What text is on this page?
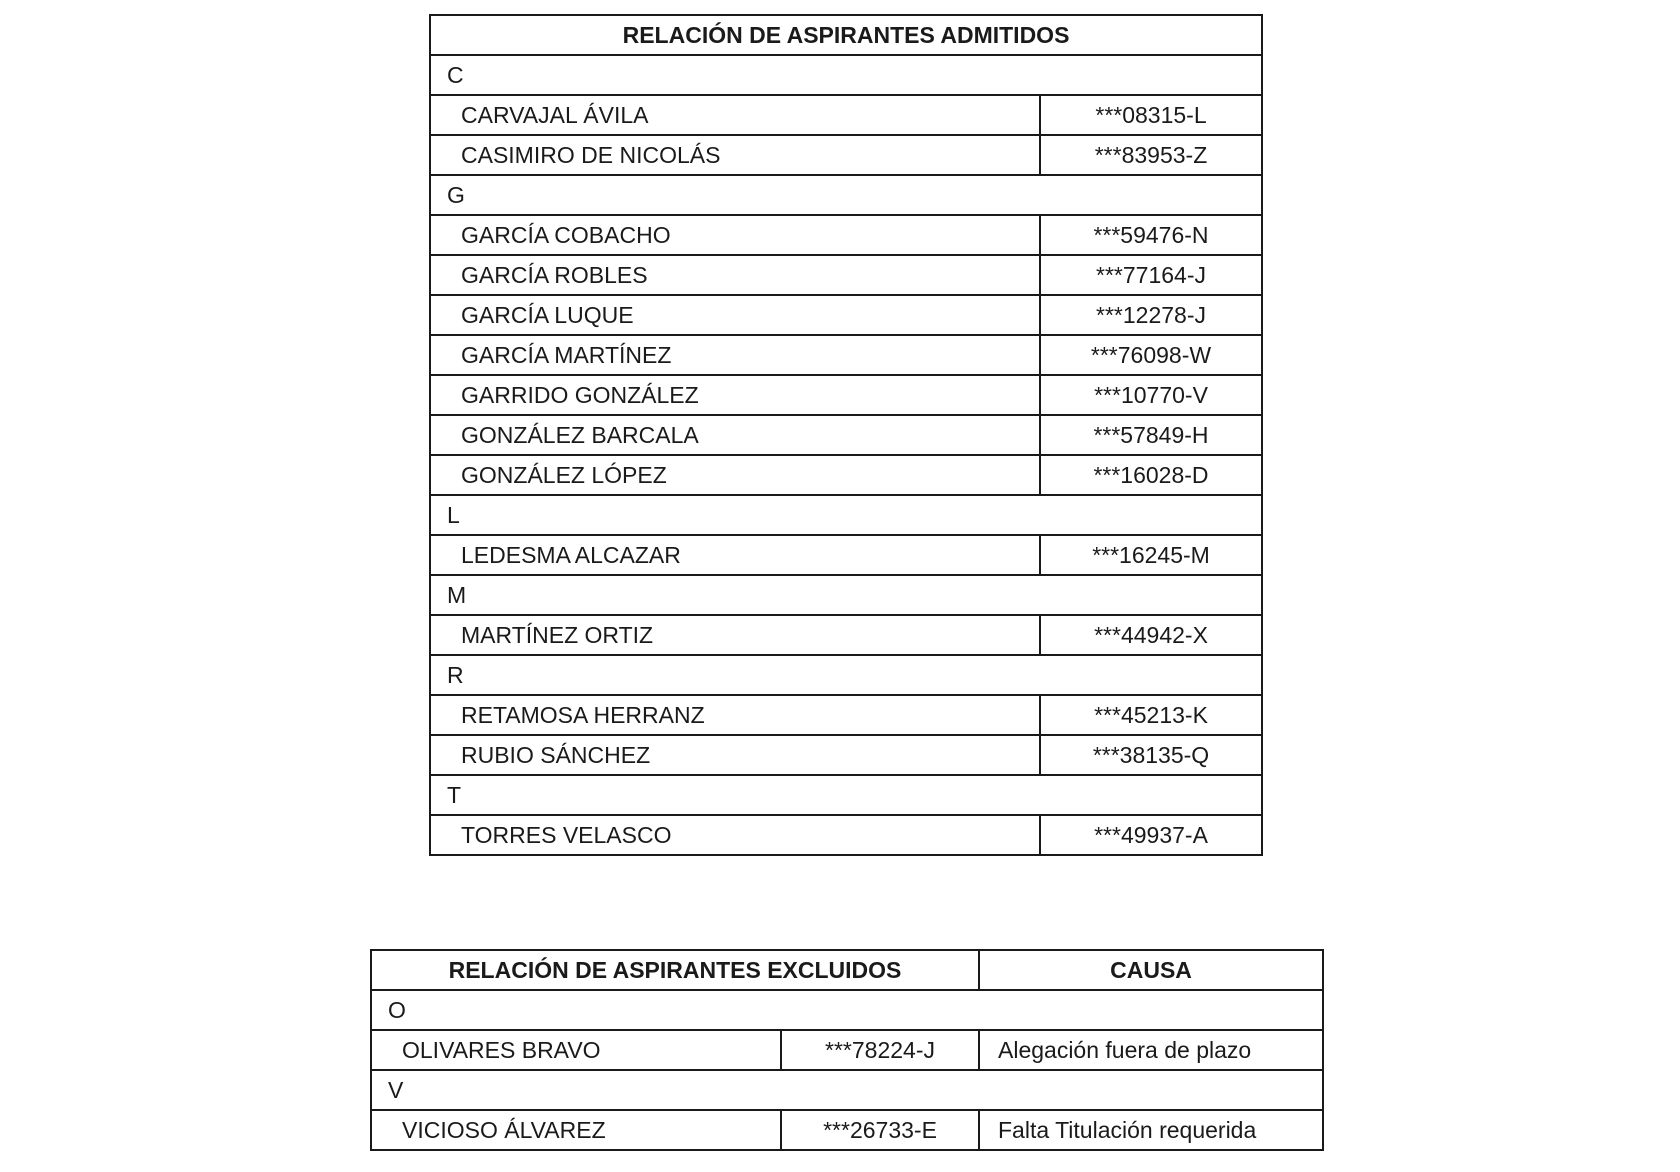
RELACIÓN DE ASPIRANTES ADMITIDOS	
C	
CARVAJAL ÁVILA	***08315-L
CASIMIRO DE NICOLÁS	***83953-Z
G	
GARCÍA COBACHO	***59476-N
GARCÍA ROBLES	***77164-J
GARCÍA LUQUE	***12278-J
GARCÍA MARTÍNEZ	***76098-W
GARRIDO GONZÁLEZ	***10770-V
GONZÁLEZ BARCALA	***57849-H
GONZÁLEZ LÓPEZ	***16028-D
L	
LEDESMA ALCAZAR	***16245-M
M	
MARTÍNEZ ORTIZ	***44942-X
R	
RETAMOSA HERRANZ	***45213-K
RUBIO SÁNCHEZ	***38135-Q
T	
TORRES VELASCO	***49937-A
RELACIÓN DE ASPIRANTES EXCLUIDOS		CAUSA
O		
OLIVARES BRAVO	***78224-J	Alegación fuera de plazo
V		
VICIOSO ÁLVAREZ	***26733-E	Falta Titulación requerida
